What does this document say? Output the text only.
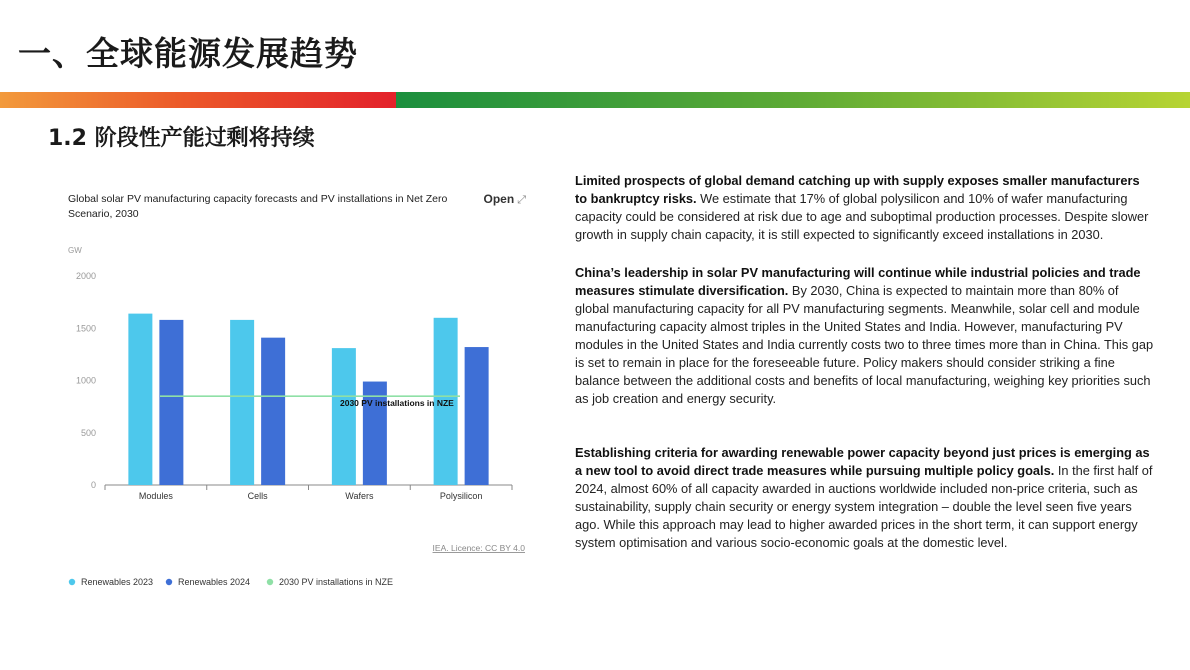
一、全球能源发展趋势
1.2 阶段性产能过剩将持续
GW
0
500
1000
1500
2000
Modules	Cells	Wafers	Polysilicon
2030 PV installations in NZE
IEA. Licence: CC BY 4.0
Renewables 2023	Renewables 2024	2030 PV installations in NZE
Global solar PV manufacturing capacity forecasts and PV installations in Net Zero Scenario, 2030
Open ⤢

Limited prospects of global demand catching up with supply exposes smaller manufacturers to bankruptcy risks. We estimate that 17% of global polysilicon and 10% of wafer manufacturing capacity could be considered at risk due to age and suboptimal production processes. Despite slower growth in supply chain capacity, it is still expected to significantly exceed installations in 2030.

China’s leadership in solar PV manufacturing will continue while industrial policies and trade measures stimulate diversification. By 2030, China is expected to maintain more than 80% of global manufacturing capacity for all PV manufacturing segments. Meanwhile, solar cell and module manufacturing capacity almost triples in the United States and India. However, manufacturing PV modules in the United States and India currently costs two to three times more than in China. This gap is set to remain in place for the foreseeable future. Policy makers should consider striking a fine balance between the additional costs and benefits of local manufacturing, weighing key priorities such as job creation and energy security.

Establishing criteria for awarding renewable power capacity beyond just prices is emerging as a new tool to avoid direct trade measures while pursuing multiple policy goals. In the first half of 2024, almost 60% of all capacity awarded in auctions worldwide included non-price criteria, such as sustainability, supply chain security or energy system integration – double the level seen five years ago. While this approach may lead to higher awarded prices in the short term, it can support energy system optimisation and various socio-economic goals at the domestic level.
